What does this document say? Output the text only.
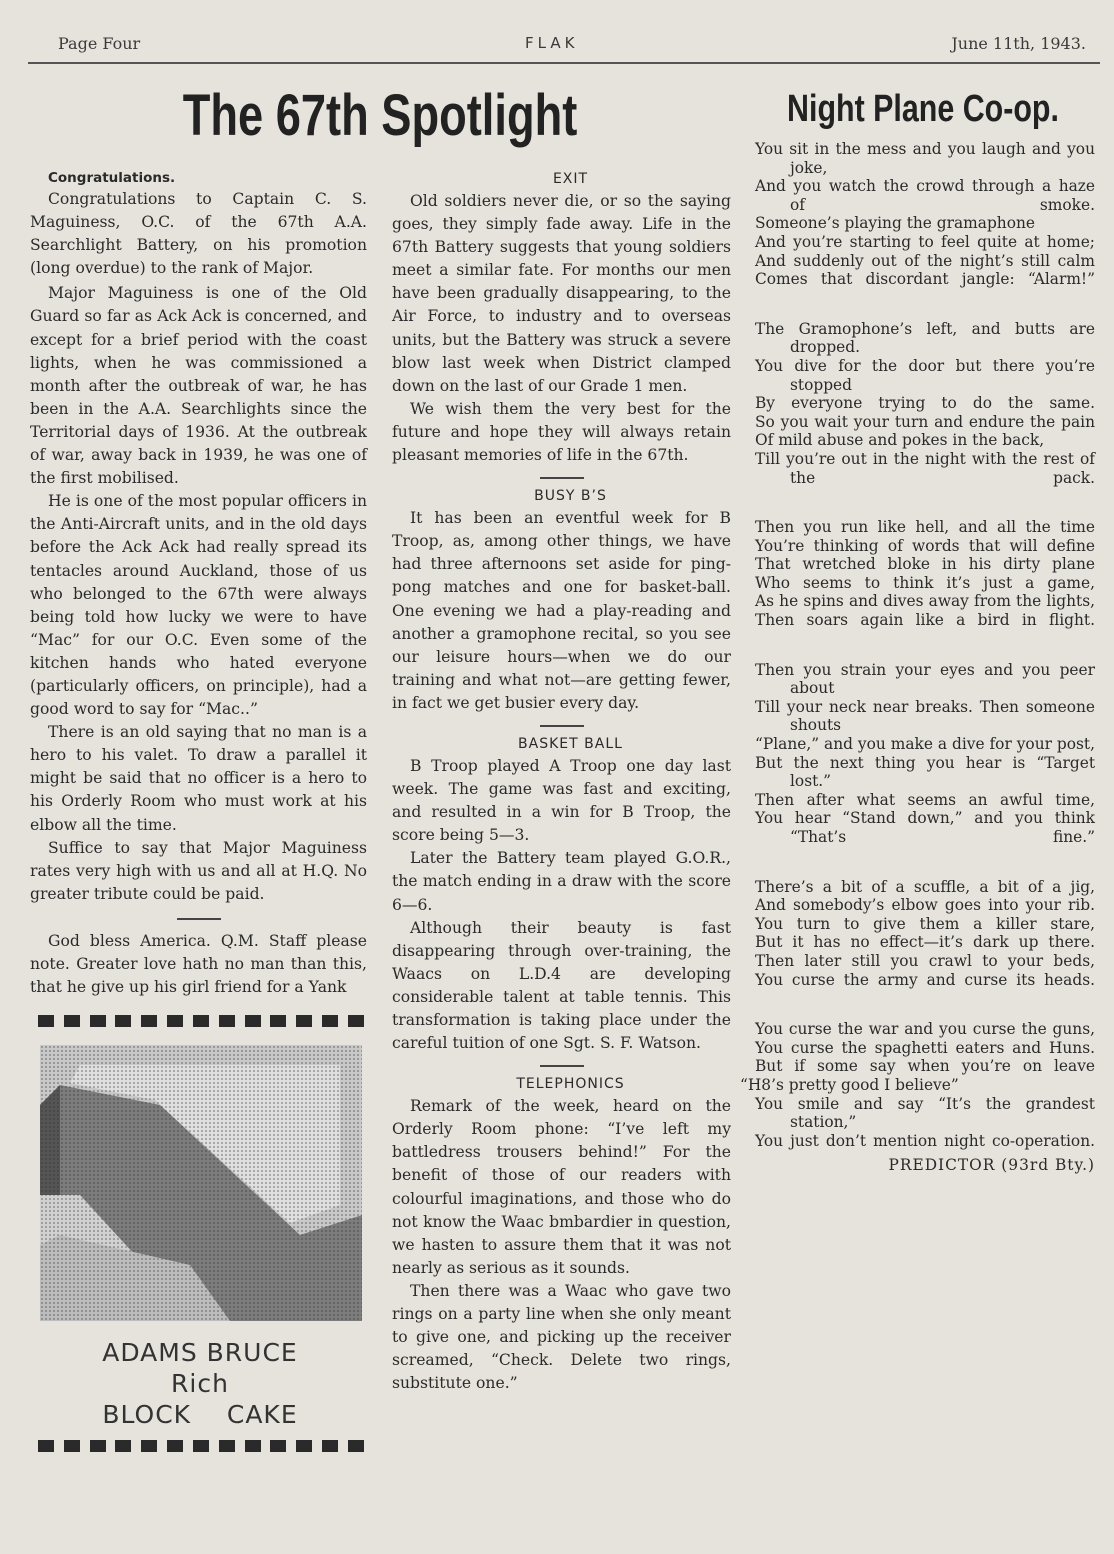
Page Four	FLAK	June 11th, 1943.
The 67th Spotlight	Night Plane Co-op.

Congratulations.

Congratulations to Captain C. S. Maguiness, O.C. of the 67th A.A. Searchlight Battery, on his promotion (long overdue) to the rank of Major.

Major Maguiness is one of the Old Guard so far as Ack Ack is concerned, and except for a brief period with the coast lights, when he was commissioned a month after the outbreak of war, he has been in the A.A. Searchlights since the Territorial days of 1936. At the outbreak of war, away back in 1939, he was one of the first mobilised.

He is one of the most popular officers in the Anti-Aircraft units, and in the old days before the Ack Ack had really spread its tentacles around Auckland, those of us who belonged to the 67th were always being told how lucky we were to have “Mac” for our O.C. Even some of the kitchen hands who hated everyone (particularly officers, on principle), had a good word to say for “Mac..”

There is an old saying that no man is a hero to his valet. To draw a parallel it might be said that no officer is a hero to his Orderly Room who must work at his elbow all the time.

Suffice to say that Major Maguiness rates very high with us and all at H.Q. No greater tribute could be paid.

God bless America. Q.M. Staff please note. Greater love hath no man than this, that he give up his girl friend for a Yank

ADAMS BRUCE
Rich
BLOCK    CAKE

EXIT

Old soldiers never die, or so the saying goes, they simply fade away. Life in the 67th Battery suggests that young soldiers meet a similar fate. For months our men have been gradually disappearing, to the Air Force, to industry and to overseas units, but the Battery was struck a severe blow last week when District clamped down on the last of our Grade 1 men.

We wish them the very best for the future and hope they will always retain pleasant memories of life in the 67th.

BUSY B’S

It has been an eventful week for B Troop, as, among other things, we have had three afternoons set aside for ping-pong matches and one for basket-ball. One evening we had a play-reading and another a gramophone recital, so you see our leisure hours—when we do our training and what not—are getting fewer, in fact we get busier every day.

BASKET BALL

B Troop played A Troop one day last week. The game was fast and exciting, and resulted in a win for B Troop, the score being 5—3.

Later the Battery team played G.O.R., the match ending in a draw with the score 6—6.

Although their beauty is fast disappearing through over-training, the Waacs on L.D.4 are developing considerable talent at table tennis. This transformation is taking place under the careful tuition of one Sgt. S. F. Watson.

TELEPHONICS

Remark of the week, heard on the Orderly Room phone: “I’ve left my battledress trousers behind!” For the benefit of those of our readers with colourful imaginations, and those who do not know the Waac bmbardier in question, we hasten to assure them that it was not nearly as serious as it sounds.

Then there was a Waac who gave two rings on a party line when she only meant to give one, and picking up the receiver screamed, “Check. Delete two rings, substitute one.”

You sit in the mess and you laugh and you joke,

And you watch the crowd through a haze of smoke.

Someone’s playing the gramaphone

And you’re starting to feel quite at home;

And suddenly out of the night’s still calm

Comes that discordant jangle: “Alarm!”

The Gramophone’s left, and butts are dropped.

You dive for the door but there you’re stopped

By everyone trying to do the same.

So you wait your turn and endure the pain

Of mild abuse and pokes in the back,

Till you’re out in the night with the rest of the pack.

Then you run like hell, and all the time

You’re thinking of words that will define

That wretched bloke in his dirty plane

Who seems to think it’s just a game,

As he spins and dives away from the lights,

Then soars again like a bird in flight.

Then you strain your eyes and you peer about

Till your neck near breaks. Then someone shouts

“Plane,” and you make a dive for your post,

But the next thing you hear is “Target lost.”

Then after what seems an awful time,

You hear “Stand down,” and you think “That’s fine.”

There’s a bit of a scuffle, a bit of a jig,

And somebody’s elbow goes into your rib.

You turn to give them a killer stare,

But it has no effect—it’s dark up there.

Then later still you crawl to your beds,

You curse the army and curse its heads.

You curse the war and you curse the guns,

You curse the spaghetti eaters and Huns.

But if some say when you’re on leave

“H8’s pretty good I believe”

You smile and say “It’s the grandest station,”

You just don’t mention night co-operation.

PREDICTOR (93rd Bty.)
